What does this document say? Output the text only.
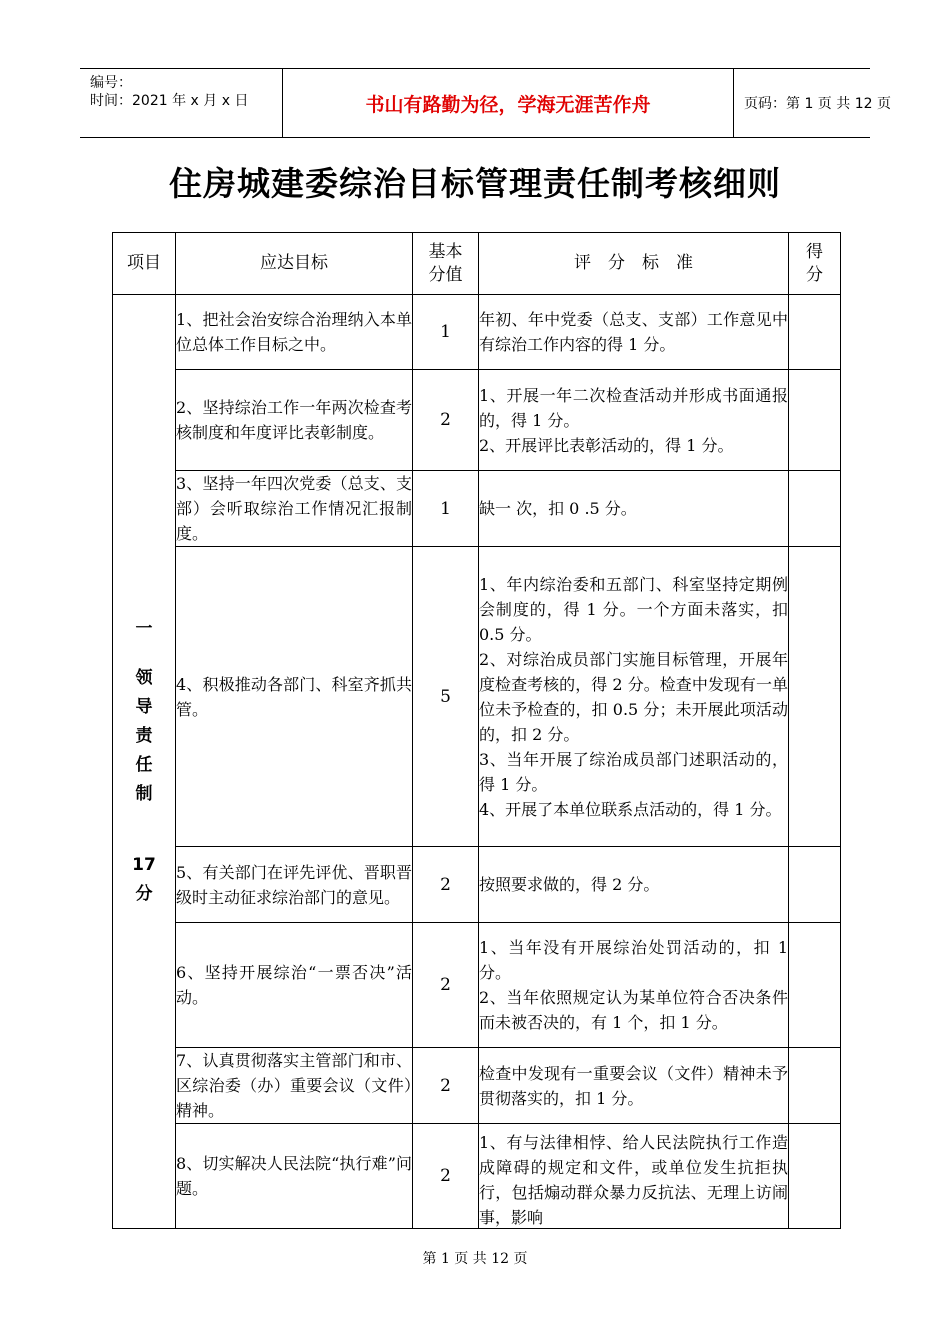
编号：
时间：2021 年 x 月 x 日	书山有路勤为径，学海无涯苦作舟	页码：第 1 页 共 12 页
住房城建委综治目标管理责任制考核细则
项目	应达目标	基本分值	评　分　标　准	得分

一
领导责任制
17分	1、把社会治安综合治理纳入本单位总体工作目标之中。	1	年初、年中党委（总支、支部）工作意见中有综治工作内容的得 1 分。	

	2、坚持综治工作一年两次检查考核制度和年度评比表彰制度。	2	1、开展一年二次检查活动并形成书面通报的，得 1 分。
2、开展评比表彰活动的，得 1 分。	

	3、坚持一年四次党委（总支、支部）会听取综治工作情况汇报制度。	1	缺一 次，扣 0 .5 分。	

	4、积极推动各部门、科室齐抓共管。	5	1、年内综治委和五部门、科室坚持定期例会制度的，得 1 分。一个方面未落实，扣 0.5 分。
2、对综治成员部门实施目标管理，开展年度检查考核的，得 2 分。检查中发现有一单位未予检查的，扣 0.5 分；未开展此项活动的，扣 2 分。
3、当年开展了综治成员部门述职活动的，得 1 分。
4、开展了本单位联系点活动的，得 1 分。	

	5、有关部门在评先评优、晋职晋级时主动征求综治部门的意见。	2	按照要求做的，得 2 分。	

	6、坚持开展综治“一票否决”活动。	2	1、当年没有开展综治处罚活动的，扣 1 分。
2、当年依照规定认为某单位符合否决条件而未被否决的，有 1 个，扣 1 分。	

	7、认真贯彻落实主管部门和市、区综治委（办）重要会议（文件）精神。	2	检查中发现有一重要会议（文件）精神未予贯彻落实的，扣 1 分。	

	8、切实解决人民法院“执行难”问题。	2	1、有与法律相悖、给人民法院执行工作造成障碍的规定和文件，或单位发生抗拒执行，包括煽动群众暴力反抗法、无理上访闹事，影响	

第 1 页 共 12 页
